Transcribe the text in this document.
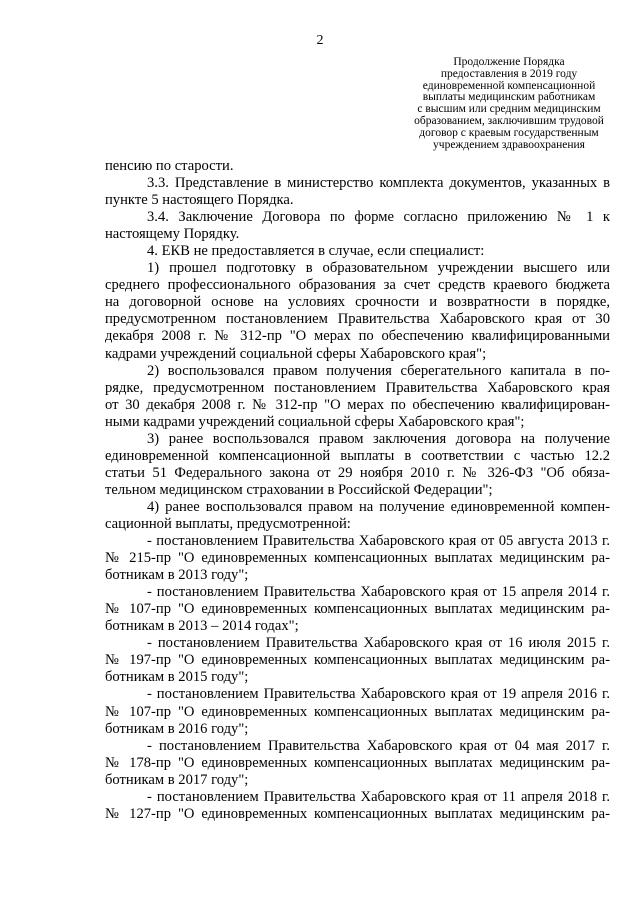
2
Продолжение Порядка
предоставления в 2019 году
единовременной компенсационной
выплаты медицинским работникам
с высшим или средним медицинским
образованием, заключившим трудовой
договор с краевым государственным
учреждением здравоохранения
пенсию по старости.
3.3. Представление в министерство комплекта документов, указанных в
пункте 5 настоящего Порядка.
3.4. Заключение Договора по форме согласно приложению № 1 к
настоящему Порядку.
4. ЕКВ не предоставляется в случае, если специалист:
1) прошел подготовку в образовательном учреждении высшего или
среднего профессионального образования за счет средств краевого бюджета
на договорной основе на условиях срочности и возвратности в порядке,
предусмотренном постановлением Правительства Хабаровского края от 30
декабря 2008 г. № 312-пр "О мерах по обеспечению квалифицированными
кадрами учреждений социальной сферы Хабаровского края";
2) воспользовался правом получения сберегательного капитала в по-
рядке, предусмотренном постановлением Правительства Хабаровского края
от 30 декабря 2008 г. № 312-пр "О мерах по обеспечению квалифицирован-
ными кадрами учреждений социальной сферы Хабаровского края";
3) ранее воспользовался правом заключения договора на получение
единовременной компенсационной выплаты в соответствии с частью 12.2
статьи 51 Федерального закона от 29 ноября 2010 г. № 326-ФЗ "Об обяза-
тельном медицинском страховании в Российской Федерации";
4) ранее воспользовался правом на получение единовременной компен-
сационной выплаты, предусмотренной:
- постановлением Правительства Хабаровского края от 05 августа 2013 г.
№ 215-пр "О единовременных компенсационных выплатах медицинским ра-
ботникам в 2013 году";
- постановлением Правительства Хабаровского края от 15 апреля 2014 г.
№ 107-пр "О единовременных компенсационных выплатах медицинским ра-
ботникам в 2013 – 2014 годах";
- постановлением Правительства Хабаровского края от 16 июля 2015 г.
№ 197-пр "О единовременных компенсационных выплатах медицинским ра-
ботникам в 2015 году";
- постановлением Правительства Хабаровского края от 19 апреля 2016 г.
№ 107-пр "О единовременных компенсационных выплатах медицинским ра-
ботникам в 2016 году";
- постановлением Правительства Хабаровского края от 04 мая 2017 г.
№ 178-пр "О единовременных компенсационных выплатах медицинским ра-
ботникам в 2017 году";
- постановлением Правительства Хабаровского края от 11 апреля 2018 г.
№ 127-пр "О единовременных компенсационных выплатах медицинским ра-
